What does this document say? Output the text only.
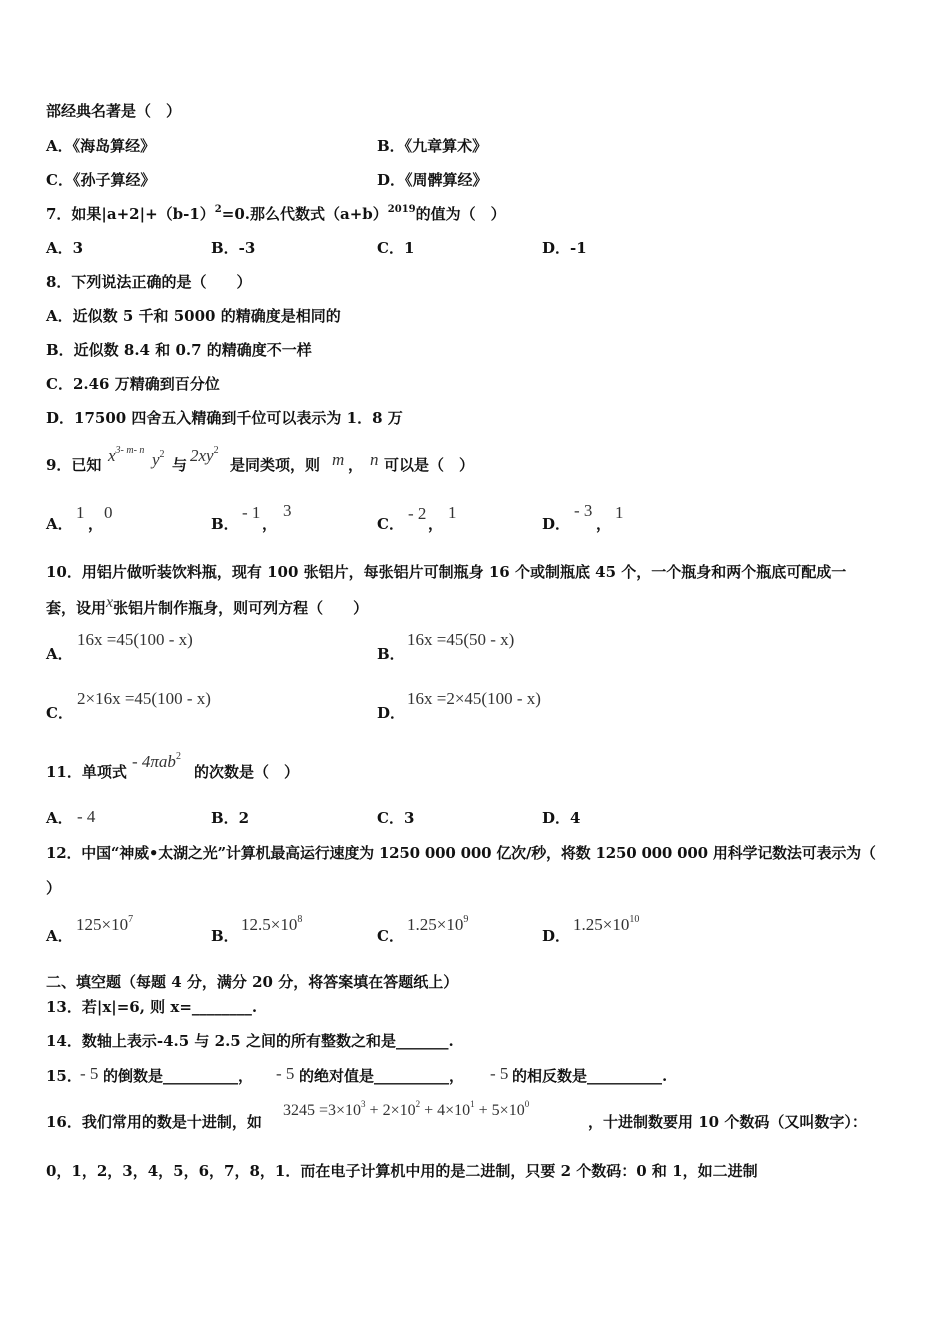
部经典名著是（　）
A．《海岛算经》	B．《九章算术》
C．《孙子算经》	D．《周髀算经》
7．如果$|a+2|+(b-1)^2=0$.那么代数式$(a+b)^{2019}$的值为（　）
A．3	B．-3	C．1	D．-1
8．下列说法正确的是（　　）
A．近似数 5 千和 5000 的精确度是相同的
B．近似数 8.4 和 0.7 的精确度不一样
C．2.46 万精确到百分位
D．17500 四舍五入精确到千位可以表示为 1．8 万
9．已知 $x^{3- m- n}$ $y^2$
与 $2xy^2$
是同类项，则 m ， n 可以是（　）
A．
1
，
0
B．
- 1
，
3
C．
- 2
，
1
D．
- 3
，
1
10．用铝片做听装饮料瓶，现有 100 张铝片，每张铝片可制瓶身 16 个或制瓶底 45 个，一个瓶身和两个瓶底可配成一
套，设用x张铝片制作瓶身，则可列方程（　　）
A．
16x =45(100 - x)
B．
16x =45(50 - x)
C．
2×16x =45(100 - x)
D．
16x =2×45(100 - x)
11．单项式
- 4πab$^2$
的次数是（　）
A． - 4	B．2	C．3	D．4
12．中国“神威•太湖之光”计算机最高运行速度为 1250 000 000 亿次/秒，将数 1250 000 000 用科学记数法可表示为（
）
A．
$125\times 10^7$
B．
$12.5\times 10^8$
C．
$1.25\times 10^9$
D．
$1.25\times 10^{10}$
二、填空题（每题 4 分，满分 20 分，将答案填在答题纸上）
13．若|x|=6, 则 x=________.
14．数轴上表示-4.5 与 2.5 之间的所有整数之和是_______.
15．
- 5 的倒数是__________， - 5 的绝对值是__________， - 5 的相反数是__________.
16．我们常用的数是十进制，如
$3245 =3\times 10^3 + 2\times 10^2 + 4\times 10^1 + 5\times 10^0$
，十进制数要用 10 个数码（又叫数字）：
0，1，2，3，4，5，6，7，8，1．而在电子计算机中用的是二进制，只要 2 个数码：0 和 1，如二进制
